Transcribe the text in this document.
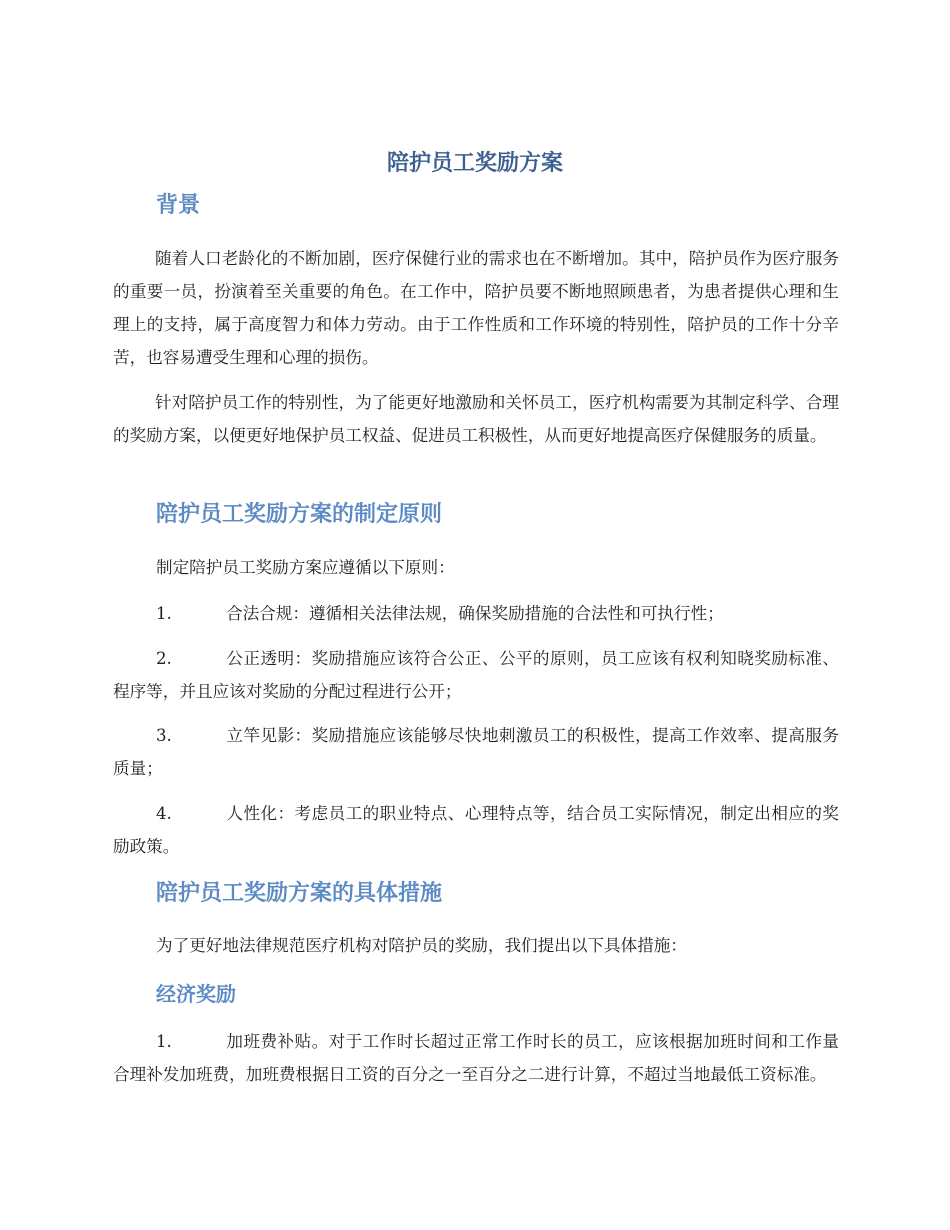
陪护员工奖励方案
背景
随着人口老龄化的不断加剧，医疗保健行业的需求也在不断增加。其中，陪护员作为医疗服务的重要一员，扮演着至关重要的角色。在工作中，陪护员要不断地照顾患者，为患者提供心理和生理上的支持，属于高度智力和体力劳动。由于工作性质和工作环境的特别性，陪护员的工作十分辛苦，也容易遭受生理和心理的损伤。
针对陪护员工作的特别性，为了能更好地激励和关怀员工，医疗机构需要为其制定科学、合理的奖励方案，以便更好地保护员工权益、促进员工积极性，从而更好地提高医疗保健服务的质量。
陪护员工奖励方案的制定原则
制定陪护员工奖励方案应遵循以下原则：
1.	合法合规：遵循相关法律法规，确保奖励措施的合法性和可执行性；
2.	公正透明：奖励措施应该符合公正、公平的原则，员工应该有权利知晓奖励标准、程序等，并且应该对奖励的分配过程进行公开；
3.	立竿见影：奖励措施应该能够尽快地刺激员工的积极性，提高工作效率、提高服务质量；
4.	人性化：考虑员工的职业特点、心理特点等，结合员工实际情况，制定出相应的奖励政策。
陪护员工奖励方案的具体措施
为了更好地法律规范医疗机构对陪护员的奖励，我们提出以下具体措施：
经济奖励
1.	加班费补贴。对于工作时长超过正常工作时长的员工，应该根据加班时间和工作量合理补发加班费，加班费根据日工资的百分之一至百分之二进行计算，不超过当地最低工资标准。
